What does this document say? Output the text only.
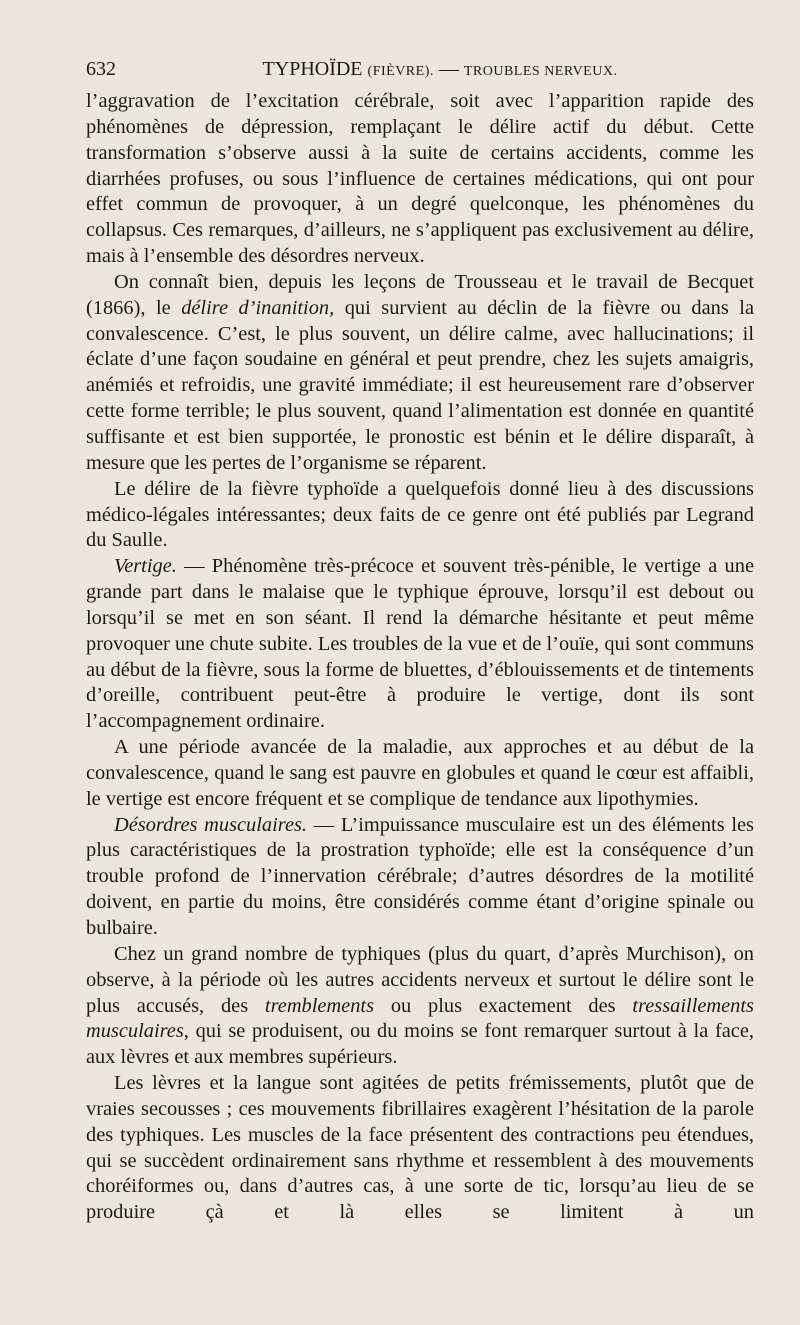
632	TYPHOÏDE (FIÈVRE). — TROUBLES NERVEUX.

l’aggravation de l’excitation cérébrale, soit avec l’apparition rapide des phénomènes de dépression, remplaçant le délire actif du début. Cette transformation s’observe aussi à la suite de certains accidents, comme les diarrhées profuses, ou sous l’influence de certaines médications, qui ont pour effet commun de provoquer, à un degré quelconque, les phénomènes du collapsus. Ces remarques, d’ailleurs, ne s’appliquent pas exclusivement au délire, mais à l’ensemble des désordres nerveux.

On connaît bien, depuis les leçons de Trousseau et le travail de Becquet (1866), le délire d’inanition, qui survient au déclin de la fièvre ou dans la convalescence. C’est, le plus souvent, un délire calme, avec hallucinations; il éclate d’une façon soudaine en général et peut prendre, chez les sujets amaigris, anémiés et refroidis, une gravité immédiate; il est heureusement rare d’observer cette forme terrible; le plus souvent, quand l’alimentation est donnée en quantité suffisante et est bien supportée, le pronostic est bénin et le délire disparaît, à mesure que les pertes de l’organisme se réparent.

Le délire de la fièvre typhoïde a quelquefois donné lieu à des discussions médico-légales intéressantes; deux faits de ce genre ont été publiés par Legrand du Saulle.

Vertige. — Phénomène très-précoce et souvent très-pénible, le vertige a une grande part dans le malaise que le typhique éprouve, lorsqu’il est debout ou lorsqu’il se met en son séant. Il rend la démarche hésitante et peut même provoquer une chute subite. Les troubles de la vue et de l’ouïe, qui sont communs au début de la fièvre, sous la forme de bluettes, d’éblouissements et de tintements d’oreille, contribuent peut-être à produire le vertige, dont ils sont l’accompagnement ordinaire.

A une période avancée de la maladie, aux approches et au début de la convalescence, quand le sang est pauvre en globules et quand le cœur est affaibli, le vertige est encore fréquent et se complique de tendance aux lipothymies.

Désordres musculaires. — L’impuissance musculaire est un des éléments les plus caractéristiques de la prostration typhoïde; elle est la conséquence d’un trouble profond de l’innervation cérébrale; d’autres désordres de la motilité doivent, en partie du moins, être considérés comme étant d’origine spinale ou bulbaire.

Chez un grand nombre de typhiques (plus du quart, d’après Murchison), on observe, à la période où les autres accidents nerveux et surtout le délire sont le plus accusés, des tremblements ou plus exactement des tressaillements musculaires, qui se produisent, ou du moins se font remarquer surtout à la face, aux lèvres et aux membres supérieurs.

Les lèvres et la langue sont agitées de petits frémissements, plutôt que de vraies secousses ; ces mouvements fibrillaires exagèrent l’hésitation de la parole des typhiques. Les muscles de la face présentent des contractions peu étendues, qui se succèdent ordinairement sans rhythme et ressemblent à des mouvements choréiformes ou, dans d’autres cas, à une sorte de tic, lorsqu’au lieu de se produire çà et là elles se limitent à un
